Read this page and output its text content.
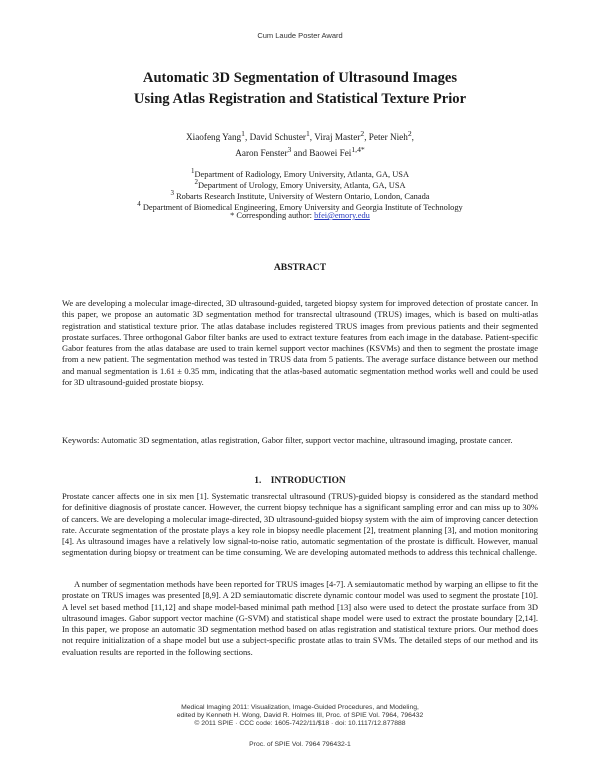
Cum Laude Poster Award
Automatic 3D Segmentation of Ultrasound Images
Using Atlas Registration and Statistical Texture Prior
Xiaofeng Yang$^1$, David Schuster$^1$, Viraj Master$^2$, Peter Nieh$^2$,
Aaron Fenster$^3$ and Baowei Fei$^{1,4*}$
$^1$Department of Radiology, Emory University, Atlanta, GA, USA
$^2$Department of Urology, Emory University, Atlanta, GA, USA
$^3$ Robarts Research Institute, University of Western Ontario, London, Canada
$^4$ Department of Biomedical Engineering, Emory University and Georgia Institute of Technology
* Corresponding author: bfei@emory.edu
ABSTRACT

We are developing a molecular image-directed, 3D ultrasound-guided, targeted biopsy system for improved detection of prostate cancer. In this paper, we propose an automatic 3D segmentation method for transrectal ultrasound (TRUS) images, which is based on multi-atlas registration and statistical texture prior. The atlas database includes registered TRUS images from previous patients and their segmented prostate surfaces. Three orthogonal Gabor filter banks are used to extract texture features from each image in the database. Patient-specific Gabor features from the atlas database are used to train kernel support vector machines (KSVMs) and then to segment the prostate image from a new patient. The segmentation method was tested in TRUS data from 5 patients. The average surface distance between our method and manual segmentation is 1.61 ± 0.35 mm, indicating that the atlas-based automatic segmentation method works well and could be used for 3D ultrasound-guided prostate biopsy.

Keywords: Automatic 3D segmentation, atlas registration, Gabor filter, support vector machine, ultrasound imaging, prostate cancer.

1.    INTRODUCTION

Prostate cancer affects one in six men [1]. Systematic transrectal ultrasound (TRUS)-guided biopsy is considered as the standard method for definitive diagnosis of prostate cancer. However, the current biopsy technique has a significant sampling error and can miss up to 30% of cancers. We are developing a molecular image-directed, 3D ultrasound-guided biopsy system with the aim of improving cancer detection rate. Accurate segmentation of the prostate plays a key role in biopsy needle placement [2], treatment planning [3], and motion monitoring [4]. As ultrasound images have a relatively low signal-to-noise ratio, automatic segmentation of the prostate is difficult. However, manual segmentation during biopsy or treatment can be time consuming. We are developing automated methods to address this technical challenge.

A number of segmentation methods have been reported for TRUS images [4-7]. A semiautomatic method by warping an ellipse to fit the prostate on TRUS images was presented [8,9]. A 2D semiautomatic discrete dynamic contour model was used to segment the prostate [10]. A level set based method [11,12] and shape model-based minimal path method [13] also were used to detect the prostate surface from 3D ultrasound images. Gabor support vector machine (G-SVM) and statistical shape model were used to extract the prostate boundary [2,14]. In this paper, we propose an automatic 3D segmentation method based on atlas registration and statistical texture priors. Our method does not require initialization of a shape model but use a subject-specific prostate atlas to train SVMs. The detailed steps of our method and its evaluation results are reported in the following sections.

Medical Imaging 2011: Visualization, Image-Guided Procedures, and Modeling,
edited by Kenneth H. Wong, David R. Holmes III, Proc. of SPIE Vol. 7964, 796432
© 2011 SPIE · CCC code: 1605-7422/11/$18 · doi: 10.1117/12.877888
Proc. of SPIE Vol. 7964 796432-1
